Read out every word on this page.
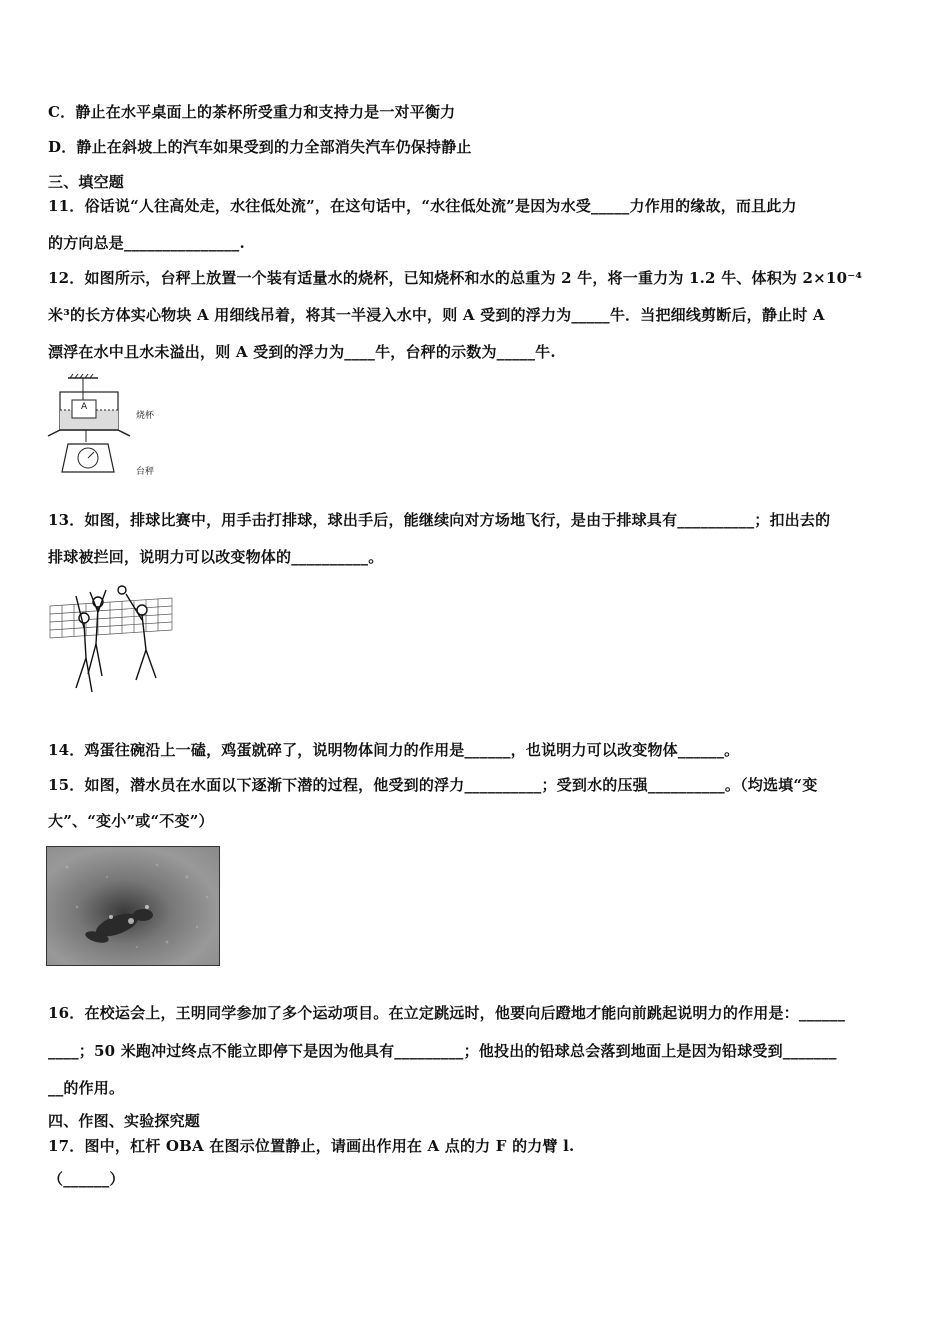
C．静止在水平桌面上的茶杯所受重力和支持力是一对平衡力
D．静止在斜坡上的汽车如果受到的力全部消失汽车仍保持静止
三、填空题
11．俗话说“人往高处走，水往低处流”，在这句话中，“水往低处流”是因为水受_____力作用的缘故，而且此力
的方向总是_______________.
12．如图所示，台秤上放置一个装有适量水的烧杯，已知烧杯和水的总重为 2 牛，将一重力为 1.2 牛、体积为 2×10⁻⁴
米³的长方体实心物块 A 用细线吊着，将其一半浸入水中，则 A 受到的浮力为_____牛．当把细线剪断后，静止时 A
漂浮在水中且水未溢出，则 A 受到的浮力为____牛，台秤的示数为_____牛.
A
烧杯
台秤
13．如图，排球比赛中，用手击打排球，球出手后，能继续向对方场地飞行，是由于排球具有__________；扣出去的
排球被拦回，说明力可以改变物体的__________。
14．鸡蛋往碗沿上一磕，鸡蛋就碎了，说明物体间力的作用是______，也说明力可以改变物体______。
15．如图，潜水员在水面以下逐渐下潜的过程，他受到的浮力__________；受到水的压强__________。（均选填“变
大”、“变小”或“不变”）
16．在校运会上，王明同学参加了多个运动项目。在立定跳远时，他要向后蹬地才能向前跳起说明力的作用是：______
____；50 米跑冲过终点不能立即停下是因为他具有_________；他投出的铅球总会落到地面上是因为铅球受到_______
__的作用。
四、作图、实验探究题
17．图中，杠杆 OBA 在图示位置静止，请画出作用在 A 点的力 F 的力臂 l.
（______）
